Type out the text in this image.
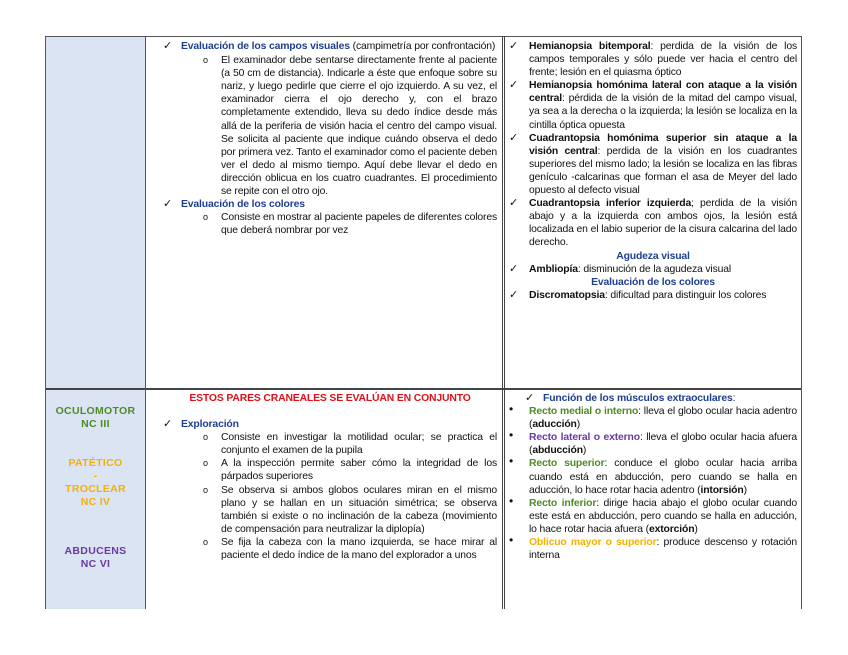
✓ Evaluación de los campos visuales (campimetría por confrontación)
o El examinador debe sentarse directamente frente al paciente (a 50 cm de distancia). Indicarle a éste que enfoque sobre su nariz, y luego pedirle que cierre el ojo izquierdo. A su vez, el examinador cierra el ojo derecho y, con el brazo completamente extendido, lleva su dedo índice desde más allá de la periferia de visión hacia el centro del campo visual. Se solicita al paciente que indique cuándo observa el dedo por primera vez. Tanto el examinador como el paciente deben ver el dedo al mismo tiempo. Aquí debe llevar el dedo en dirección oblicua en los cuatro cuadrantes. El procedimiento se repite con el otro ojo.
✓ Evaluación de los colores
o Consiste en mostrar al paciente papeles de diferentes colores que deberá nombrar por vez
✓ Hemianopsia bitemporal: perdida de la visión de los campos temporales y sólo puede ver hacia el centro del frente; lesión en el quiasma óptico
✓ Hemianopsia homónima lateral con ataque a la visión central: pérdida de la visión de la mitad del campo visual, ya sea a la derecha o la izquierda; la lesión se localiza en la cintilla óptica opuesta
✓ Cuadrantopsia homónima superior sin ataque a la visión central: perdida de la visión en los cuadrantes superiores del mismo lado; la lesión se localiza en las fibras genículo -calcarinas que forman el asa de Meyer del lado opuesto al defecto visual
✓ Cuadrantopsia inferior izquierda; perdida de la visión abajo y a la izquierda con ambos ojos, la lesión está localizada en el labio superior de la cisura calcarina del lado derecho.
Agudeza visual
✓ Ambliopía: disminución de la agudeza visual
Evaluación de los colores
✓ Discromatopsia: dificultad para distinguir los colores
OCULOMOTOR
NC III
PATÉTICO
-
TROCLEAR
NC IV
ABDUCENS
NC VI
ESTOS PARES CRANEALES SE EVALÚAN EN CONJUNTO
✓ Exploración
o Consiste en investigar la motilidad ocular; se practica el conjunto el examen de la pupila
o A la inspección permite saber cómo la integridad de los párpados superiores
o Se observa si ambos globos oculares miran en el mismo plano y se hallan en un situación simétrica; se observa también si existe o no inclinación de la cabeza (movimiento de compensación para neutralizar la diplopía)
o Se fija la cabeza con la mano izquierda, se hace mirar al paciente el dedo índice de la mano del explorador a unos
✓ Función de los músculos extraoculares:
• Recto medial o interno: lleva el globo ocular hacia adentro (aducción)
• Recto lateral o externo: lleva el globo ocular hacia afuera (abducción)
• Recto superior: conduce el globo ocular hacia arriba cuando está en abducción, pero cuando se halla en aducción, lo hace rotar hacia adentro (intorsión)
• Recto inferior: dirige hacia abajo el globo ocular cuando este está en abducción, pero cuando se halla en aducción, lo hace rotar hacia afuera (extorción)
• Oblicuo mayor o superior: produce descenso y rotación interna
